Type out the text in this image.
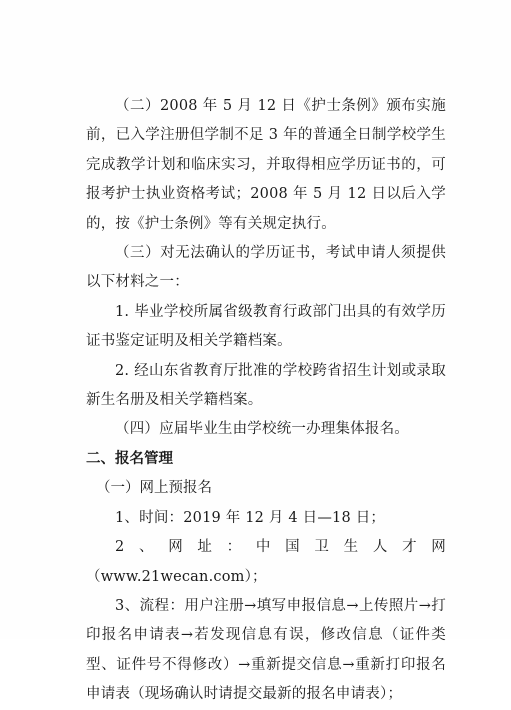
（二）2008 年 5 月 12 日《护士条例》颁布实施前，已入学注册但学制不足 3 年的普通全日制学校学生完成教学计划和临床实习，并取得相应学历证书的，可报考护士执业资格考试；2008 年 5 月 12 日以后入学的，按《护士条例》等有关规定执行。

（三）对无法确认的学历证书，考试申请人须提供以下材料之一：

1. 毕业学校所属省级教育行政部门出具的有效学历证书鉴定证明及相关学籍档案。

2. 经山东省教育厅批准的学校跨省招生计划或录取新生名册及相关学籍档案。

（四）应届毕业生由学校统一办理集体报名。

二、报名管理

（一）网上预报名

1、时间：2019 年 12 月 4 日—18 日；

2、网址：中国卫生人才网（www.21wecan.com）；

3、流程：用户注册→填写申报信息→上传照片→打印报名申请表→若发现信息有误，修改信息（证件类型、证件号不得修改）→重新提交信息→重新打印报名申请表（现场确认时请提交最新的报名申请表）；
